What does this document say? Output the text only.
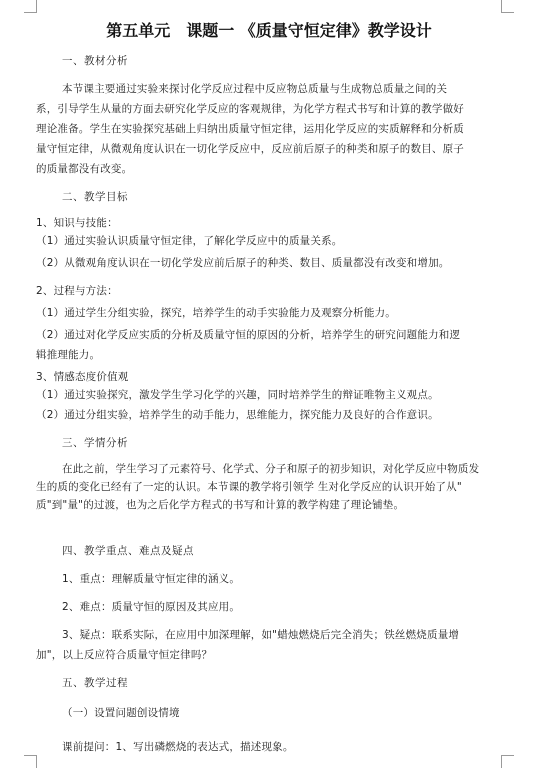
第五单元　课题一 《质量守恒定律》教学设计
一、教材分析
本节课主要通过实验来探讨化学反应过程中反应物总质量与生成物总质量之间的关
系，引导学生从量的方面去研究化学反应的客观规律，为化学方程式书写和计算的教学做好
理论准备。学生在实验探究基础上归纳出质量守恒定律，运用化学反应的实质解释和分析质
量守恒定律，从微观角度认识在一切化学反应中，反应前后原子的种类和原子的数目、原子
的质量都没有改变。
二、教学目标
1、知识与技能：
（1）通过实验认识质量守恒定律，了解化学反应中的质量关系。
（2）从微观角度认识在一切化学发应前后原子的种类、数目、质量都没有改变和增加。
2、过程与方法：
（1）通过学生分组实验，探究，培养学生的动手实验能力及观察分析能力。
（2）通过对化学反应实质的分析及质量守恒的原因的分析，培养学生的研究问题能力和逻
辑推理能力。
3、情感态度价值观
（1）通过实验探究，激发学生学习化学的兴趣，同时培养学生的辩证唯物主义观点。
（2）通过分组实验，培养学生的动手能力，思维能力，探究能力及良好的合作意识。
三、学情分析
在此之前，学生学习了元素符号、化学式、分子和原子的初步知识，对化学反应中物质发
生的质的变化已经有了一定的认识。本节课的教学将引领学 生对化学反应的认识开始了从"
质"到"量"的过渡，也为之后化学方程式的书写和计算的教学构建了理论铺垫。
四、教学重点、难点及疑点
1、重点：理解质量守恒定律的涵义。
2、难点：质量守恒的原因及其应用。
3、疑点：联系实际，在应用中加深理解，如"蜡烛燃烧后完全消失；铁丝燃烧质量增
加"，以上反应符合质量守恒定律吗？
五、教学过程
（一）设置问题创设情境
课前提问：1、写出磷燃烧的表达式，描述现象。
